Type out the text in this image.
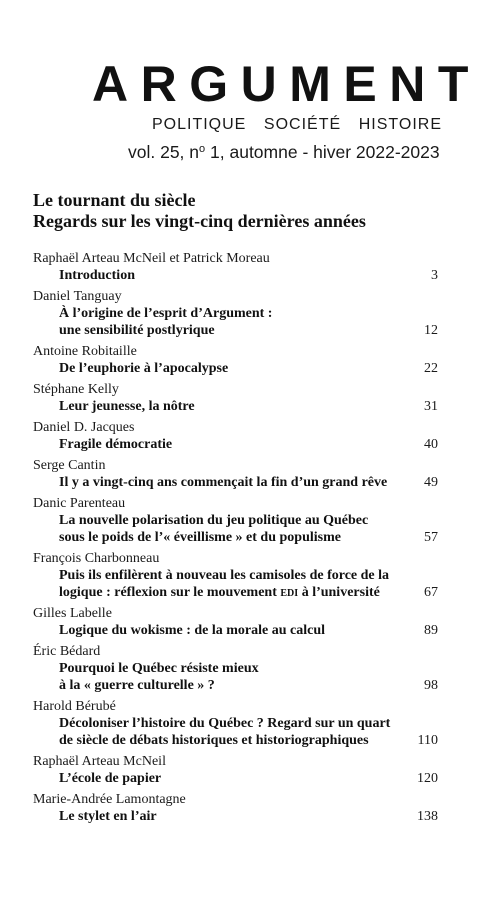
ARGUMENT
POLITIQUE SOCIÉTÉ HISTOIRE
vol. 25, $n^o$ 1, automne - hiver 2022-2023
Le tournant du siècle
Regards sur les vingt-cinq dernières années
Raphaël Arteau McNeil et Patrick Moreau
Introduction	3
Daniel Tanguay
À l’origine de l’esprit d’Argument :
une sensibilité postlyrique	12
Antoine Robitaille
De l’euphorie à l’apocalypse	22
Stéphane Kelly
Leur jeunesse, la nôtre	31
Daniel D. Jacques
Fragile démocratie	40
Serge Cantin
Il y a vingt-cinq ans commençait la fin d’un grand rêve	49
Danic Parenteau
La nouvelle polarisation du jeu politique au Québec
sous le poids de l’« éveillisme » et du populisme	57
François Charbonneau
Puis ils enfilèrent à nouveau les camisoles de force de la
logique : réflexion sur le mouvement edi à l’université	67
Gilles Labelle
Logique du wokisme : de la morale au calcul	89
Éric Bédard
Pourquoi le Québec résiste mieux
à la « guerre culturelle » ?	98
Harold Bérubé
Décoloniser l’histoire du Québec ? Regard sur un quart
de siècle de débats historiques et historiographiques	110
Raphaël Arteau McNeil
L’école de papier	120
Marie-Andrée Lamontagne
Le stylet en l’air	138
